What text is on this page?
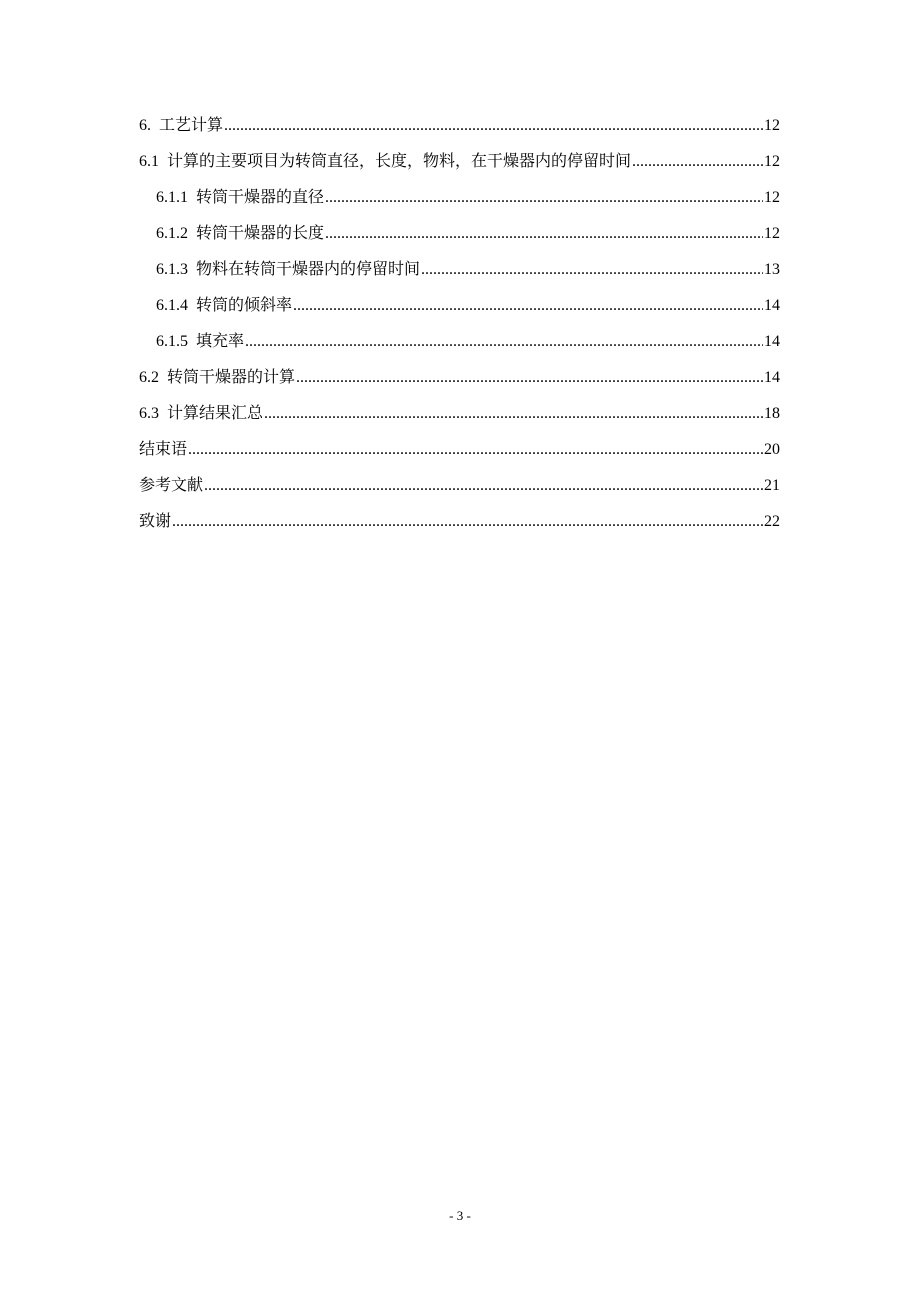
6. 工艺计算 .....	12
6.1 计算的主要项目为转筒直径，长度，物料，在干燥器内的停留时间 .....	12
6.1.1 转筒干燥器的直径 .....	12
6.1.2 转筒干燥器的长度 .....	12
6.1.3 物料在转筒干燥器内的停留时间 .....	13
6.1.4 转筒的倾斜率 .....	14
6.1.5 填充率 .....	14
6.2 转筒干燥器的计算 .....	14
6.3 计算结果汇总 .....	18
结束语 .....	20
参考文献 .....	21
致谢 .....	22
- 3 -
